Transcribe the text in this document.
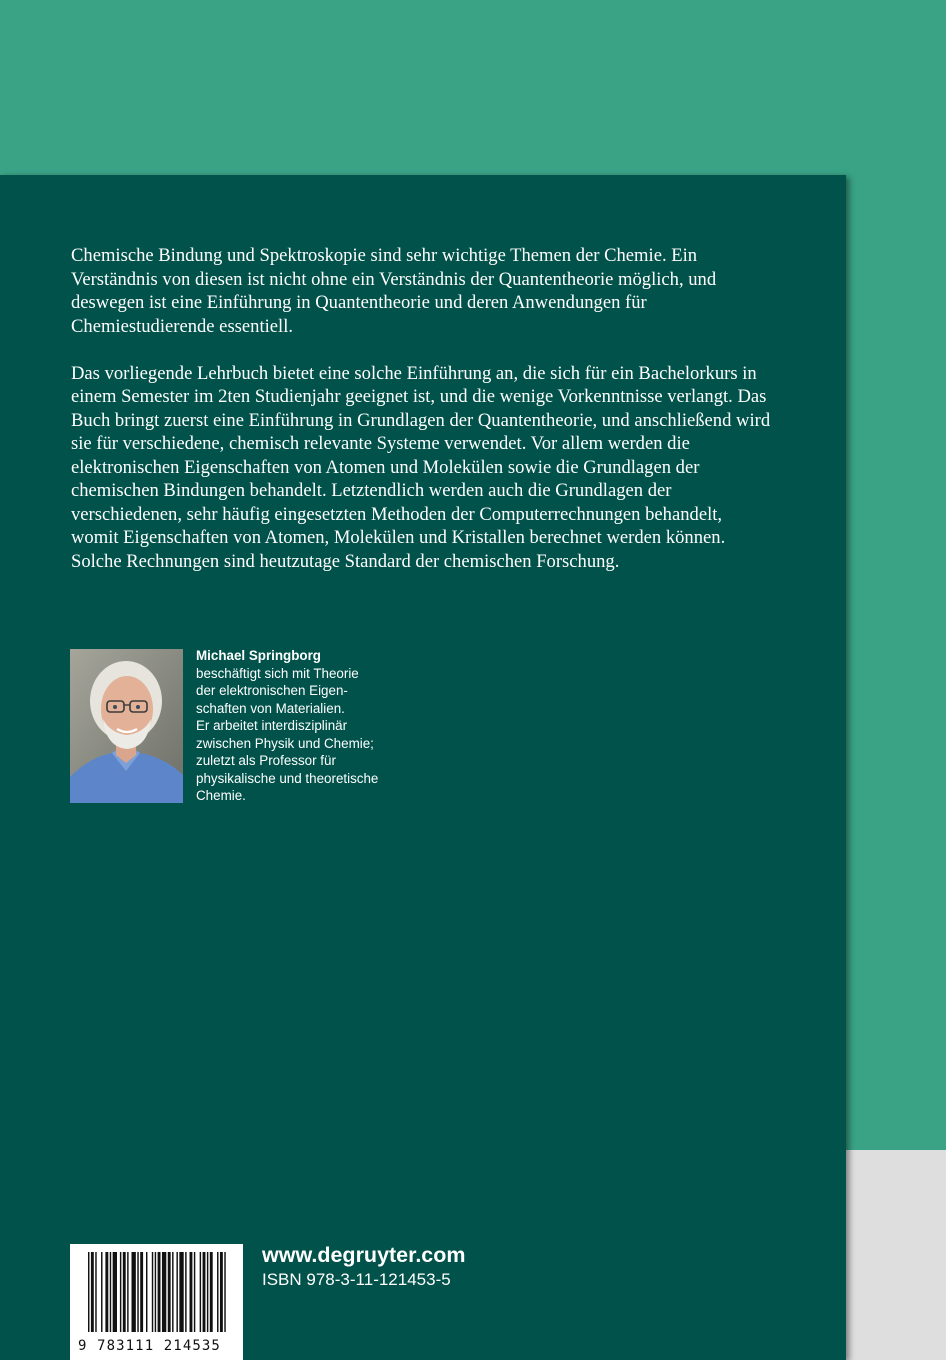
Chemische Bindung und Spektroskopie sind sehr wichtige Themen der Chemie. Ein Verständnis von diesen ist nicht ohne ein Verständnis der Quantentheorie möglich, und deswegen ist eine Einführung in Quantentheorie und deren Anwendungen für Chemiestudierende essentiell.

Das vorliegende Lehrbuch bietet eine solche Einführung an, die sich für ein Bachelorkurs in einem Semester im 2ten Studienjahr geeignet ist, und die wenige Vorkenntnisse verlangt. Das Buch bringt zuerst eine Einführung in Grundlagen der Quantentheorie, und anschließend wird sie für verschiedene, chemisch relevante Systeme verwendet. Vor allem werden die elektronischen Eigenschaften von Atomen und Molekülen sowie die Grundlagen der chemischen Bindungen behandelt. Letztendlich werden auch die Grundlagen der verschiedenen, sehr häufig eingesetzten Methoden der Computerrechnungen behandelt, womit Eigenschaften von Atomen, Molekülen und Kristallen berechnet werden können. Solche Rechnungen sind heutzutage Standard der chemischen Forschung.

Michael Springborg
beschäftigt sich mit Theorie
der elektronischen Eigen-
schaften von Materialien.
Er arbeitet interdisziplinär
zwischen Physik und Chemie;
zuletzt als Professor für
physikalische und theoretische
Chemie.
9 783111 214535
www.degruyter.com
ISBN 978-3-11-121453-5
